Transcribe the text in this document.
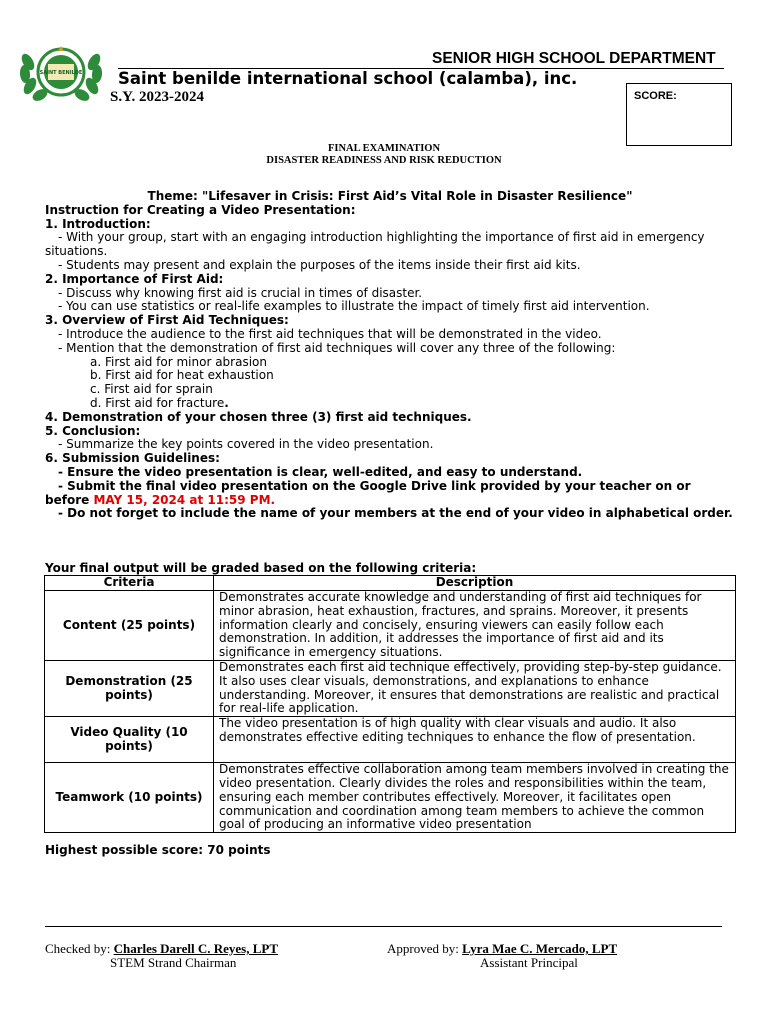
SAINT BENILDE
SENIOR HIGH SCHOOL DEPARTMENT
Saint benilde international school (calamba), inc.
S.Y. 2023-2024	SCORE:
FINAL EXAMINATION
DISASTER READINESS AND RISK REDUCTION
Theme: "Lifesaver in Crisis: First Aid’s Vital Role in Disaster Resilience"
Instruction for Creating a Video Presentation:
1. Introduction:
- With your group, start with an engaging introduction highlighting the importance of first aid in emergency situations.
- Students may present and explain the purposes of the items inside their first aid kits.
2. Importance of First Aid:
- Discuss why knowing first aid is crucial in times of disaster.
- You can use statistics or real-life examples to illustrate the impact of timely first aid intervention.
3. Overview of First Aid Techniques:
- Introduce the audience to the first aid techniques that will be demonstrated in the video.
- Mention that the demonstration of first aid techniques will cover any three of the following:
a. First aid for minor abrasion
b. First aid for heat exhaustion
c. First aid for sprain
d. First aid for fracture.
4. Demonstration of your chosen three (3) first aid techniques.
5. Conclusion:
- Summarize the key points covered in the video presentation.
6. Submission Guidelines:
- Ensure the video presentation is clear, well-edited, and easy to understand.
- Submit the final video presentation on the Google Drive link provided by your teacher on or before MAY 15, 2024 at 11:59 PM.
- Do not forget to include the name of your members at the end of your video in alphabetical order.
Your final output will be graded based on the following criteria:
Criteria	Description
Content (25 points)	Demonstrates accurate knowledge and understanding of first aid techniques for minor abrasion, heat exhaustion, fractures, and sprains. Moreover, it presents information clearly and concisely, ensuring viewers can easily follow each demonstration. In addition, it addresses the importance of first aid and its significance in emergency situations.
Demonstration (25 points)	Demonstrates each first aid technique effectively, providing step-by-step guidance. It also uses clear visuals, demonstrations, and explanations to enhance understanding. Moreover, it ensures that demonstrations are realistic and practical for real-life application.
Video Quality (10 points)	The video presentation is of high quality with clear visuals and audio. It also demonstrates effective editing techniques to enhance the flow of presentation.
Teamwork (10 points)	Demonstrates effective collaboration among team members involved in creating the video presentation. Clearly divides the roles and responsibilities within the team, ensuring each member contributes effectively. Moreover, it facilitates open communication and coordination among team members to achieve the common goal of producing an informative video presentation
Highest possible score: 70 points
Checked by: Charles Darell C. Reyes, LPT
STEM Strand Chairman
Approved by: Lyra Mae C. Mercado, LPT
Assistant Principal
